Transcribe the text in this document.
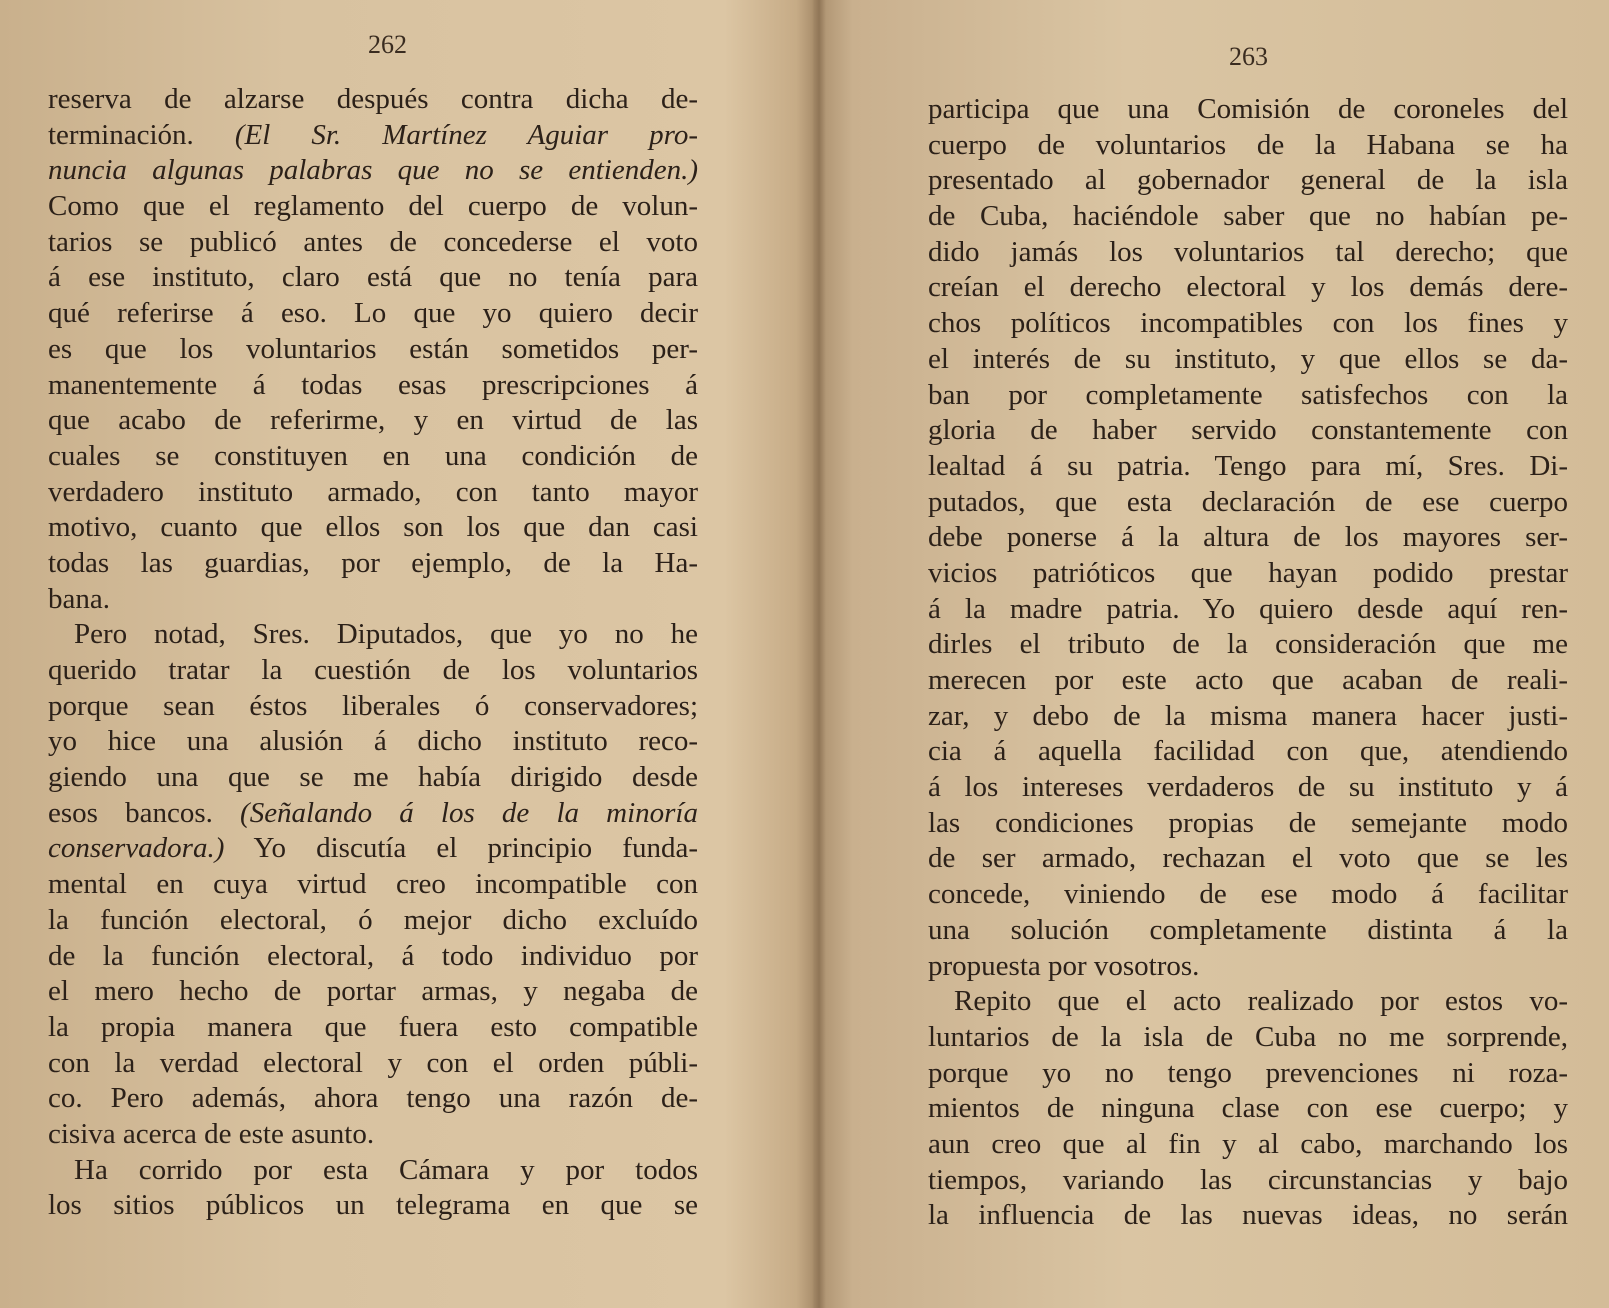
262
reserva de alzarse después contra dicha de-
terminación. (El Sr. Martínez Aguiar pro-
nuncia algunas palabras que no se entienden.)
Como que el reglamento del cuerpo de volun-
tarios se publicó antes de concederse el voto
á ese instituto, claro está que no tenía para
qué referirse á eso. Lo que yo quiero decir
es que los voluntarios están sometidos per-
manentemente á todas esas prescripciones á
que acabo de referirme, y en virtud de las
cuales se constituyen en una condición de
verdadero instituto armado, con tanto mayor
motivo, cuanto que ellos son los que dan casi
todas las guardias, por ejemplo, de la Ha-
bana.
Pero notad, Sres. Diputados, que yo no he
querido tratar la cuestión de los voluntarios
porque sean éstos liberales ó conservadores;
yo hice una alusión á dicho instituto reco-
giendo una que se me había dirigido desde
esos bancos. (Señalando á los de la minoría
conservadora.) Yo discutía el principio funda-
mental en cuya virtud creo incompatible con
la función electoral, ó mejor dicho excluído
de la función electoral, á todo individuo por
el mero hecho de portar armas, y negaba de
la propia manera que fuera esto compatible
con la verdad electoral y con el orden públi-
co. Pero además, ahora tengo una razón de-
cisiva acerca de este asunto.
Ha corrido por esta Cámara y por todos
los sitios públicos un telegrama en que se
263
participa que una Comisión de coroneles del
cuerpo de voluntarios de la Habana se ha
presentado al gobernador general de la isla
de Cuba, haciéndole saber que no habían pe-
dido jamás los voluntarios tal derecho; que
creían el derecho electoral y los demás dere-
chos políticos incompatibles con los fines y
el interés de su instituto, y que ellos se da-
ban por completamente satisfechos con la
gloria de haber servido constantemente con
lealtad á su patria. Tengo para mí, Sres. Di-
putados, que esta declaración de ese cuerpo
debe ponerse á la altura de los mayores ser-
vicios patrióticos que hayan podido prestar
á la madre patria. Yo quiero desde aquí ren-
dirles el tributo de la consideración que me
merecen por este acto que acaban de reali-
zar, y debo de la misma manera hacer justi-
cia á aquella facilidad con que, atendiendo
á los intereses verdaderos de su instituto y á
las condiciones propias de semejante modo
de ser armado, rechazan el voto que se les
concede, viniendo de ese modo á facilitar
una solución completamente distinta á la
propuesta por vosotros.
Repito que el acto realizado por estos vo-
luntarios de la isla de Cuba no me sorprende,
porque yo no tengo prevenciones ni roza-
mientos de ninguna clase con ese cuerpo; y
aun creo que al fin y al cabo, marchando los
tiempos, variando las circunstancias y bajo
la influencia de las nuevas ideas, no serán
